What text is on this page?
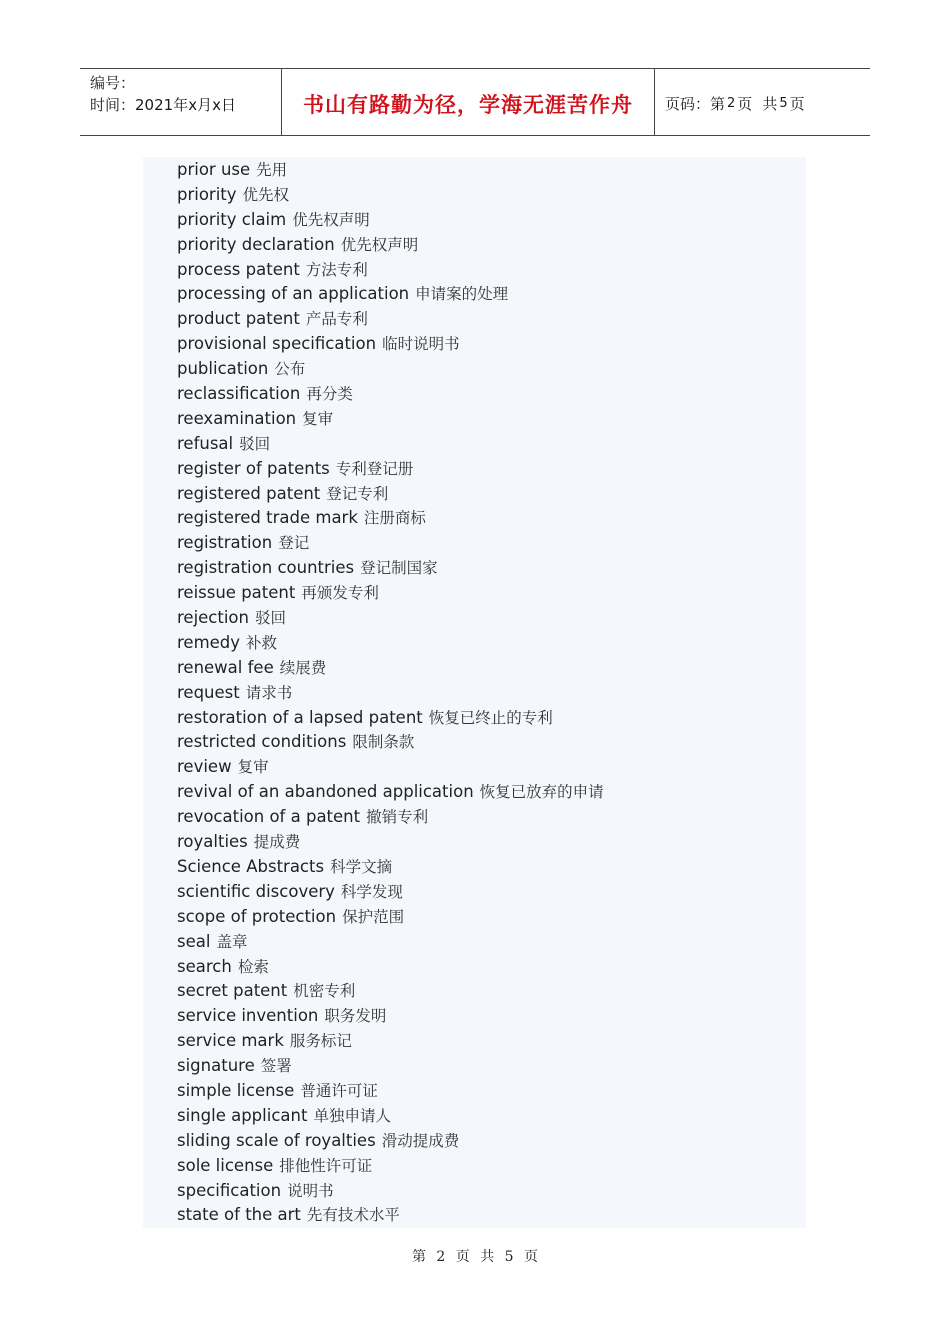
编号：
时间：2021年x月x日	书山有路勤为径，学海无涯苦作舟	页码：第 2 页 共 5 页
prior use 先用
priority 优先权
priority claim 优先权声明
priority declaration 优先权声明
process patent 方法专利
processing of an application 申请案的处理
product patent 产品专利
provisional specification 临时说明书
publication 公布
reclassification 再分类
reexamination 复审
refusal 驳回
register of patents 专利登记册
registered patent 登记专利
registered trade mark 注册商标
registration 登记
registration countries 登记制国家
reissue patent 再颁发专利
rejection 驳回
remedy 补救
renewal fee 续展费
request 请求书
restoration of a lapsed patent 恢复已终止的专利
restricted conditions 限制条款
review 复审
revival of an abandoned application 恢复已放弃的申请
revocation of a patent 撤销专利
royalties 提成费
Science Abstracts 科学文摘
scientific discovery 科学发现
scope of protection 保护范围
seal 盖章
search 检索
secret patent 机密专利
service invention 职务发明
service mark 服务标记
signature 签署
simple license 普通许可证
single applicant 单独申请人
sliding scale of royalties 滑动提成费
sole license 排他性许可证
specification 说明书
state of the art 先有技术水平
第 2 页 共 5 页
